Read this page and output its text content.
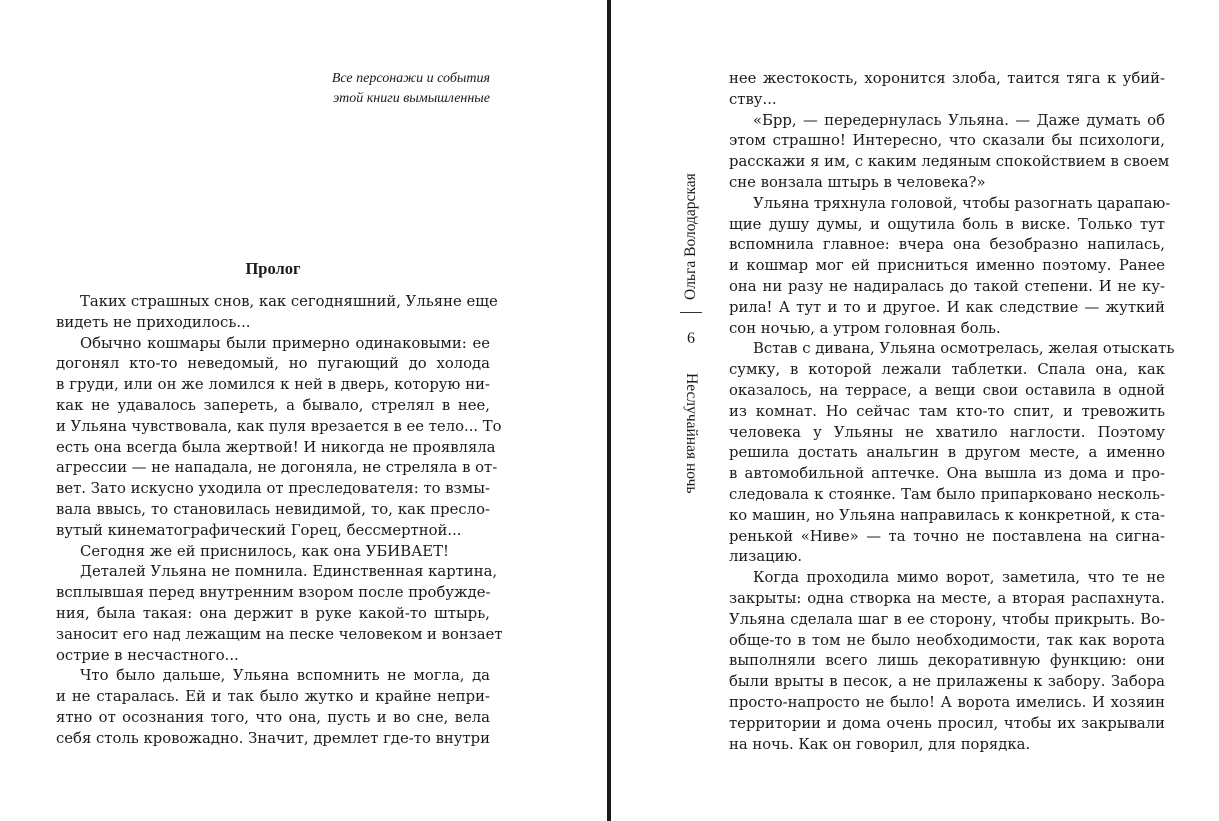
Все персонажи и события
этой книги вымышленные
Пролог
Таких страшных снов, как сегодняшний, Ульяне еще
видеть не приходилось...
Обычно кошмары были примерно одинаковыми: ее
догонял кто-то неведомый, но пугающий до холода
в груди, или он же ломился к ней в дверь, которую ни-
как не удавалось запереть, а бывало, стрелял в нее,
и Ульяна чувствовала, как пуля врезается в ее тело... То
есть она всегда была жертвой! И никогда не проявляла
агрессии — не нападала, не догоняла, не стреляла в от-
вет. Зато искусно уходила от преследователя: то взмы-
вала ввысь, то становилась невидимой, то, как пресло-
вутый кинематографический Горец, бессмертной...
Сегодня же ей приснилось, как она УБИВАЕТ!
Деталей Ульяна не помнила. Единственная картина,
всплывшая перед внутренним взором после пробужде-
ния, была такая: она держит в руке какой-то штырь,
заносит его над лежащим на песке человеком и вонзает
острие в несчастного...
Что было дальше, Ульяна вспомнить не могла, да
и не старалась. Ей и так было жутко и крайне непри-
ятно от осознания того, что она, пусть и во сне, вела
себя столь кровожадно. Значит, дремлет где-то внутри
Ольга Володарская
6
Неслучайная ночь
нее жестокость, хоронится злоба, таится тяга к убий-
ству...
«Брр, — передернулась Ульяна. — Даже думать об
этом страшно! Интересно, что сказали бы психологи,
расскажи я им, с каким ледяным спокойствием в своем
сне вонзала штырь в человека?»
Ульяна тряхнула головой, чтобы разогнать царапаю-
щие душу думы, и ощутила боль в виске. Только тут
вспомнила главное: вчера она безобразно напилась,
и кошмар мог ей присниться именно поэтому. Ранее
она ни разу не надиралась до такой степени. И не ку-
рила! А тут и то и другое. И как следствие — жуткий
сон ночью, а утром головная боль.
Встав с дивана, Ульяна осмотрелась, желая отыскать
сумку, в которой лежали таблетки. Спала она, как
оказалось, на террасе, а вещи свои оставила в одной
из комнат. Но сейчас там кто-то спит, и тревожить
человека у Ульяны не хватило наглости. Поэтому
решила достать анальгин в другом месте, а именно
в автомобильной аптечке. Она вышла из дома и про-
следовала к стоянке. Там было припарковано несколь-
ко машин, но Ульяна направилась к конкретной, к ста-
ренькой «Ниве» — та точно не поставлена на сигна-
лизацию.
Когда проходила мимо ворот, заметила, что те не
закрыты: одна створка на месте, а вторая распахнута.
Ульяна сделала шаг в ее сторону, чтобы прикрыть. Во-
обще-то в том не было необходимости, так как ворота
выполняли всего лишь декоративную функцию: они
были врыты в песок, а не прилажены к забору. Забора
просто-напросто не было! А ворота имелись. И хозяин
территории и дома очень просил, чтобы их закрывали
на ночь. Как он говорил, для порядка.
